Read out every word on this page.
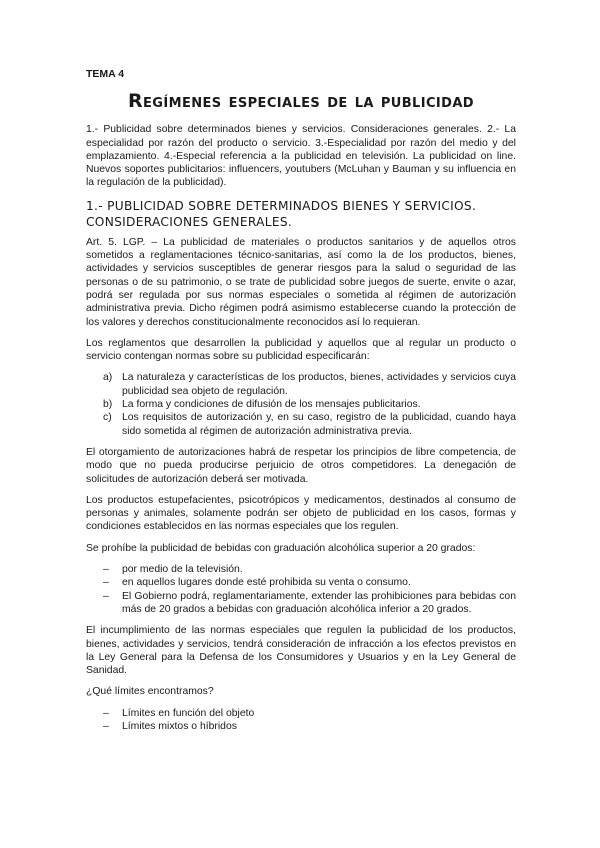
TEMA 4
Regímenes especiales de la publicidad

1.- Publicidad sobre determinados bienes y servicios. Consideraciones generales. 2.- La especialidad por razón del producto o servicio. 3.-Especialidad por razón del medio y del emplazamiento. 4.-Especial referencia a la publicidad en televisión. La publicidad on line. Nuevos soportes publicitarios: influencers, youtubers (McLuhan y Bauman y su influencia en la regulación de la publicidad).

1.- PUBLICIDAD SOBRE DETERMINADOS BIENES Y SERVICIOS. CONSIDERACIONES GENERALES.

Art. 5. LGP. – La publicidad de materiales o productos sanitarios y de aquellos otros sometidos a reglamentaciones técnico-sanitarias, así como la de los productos, bienes, actividades y servicios susceptibles de generar riesgos para la salud o seguridad de las personas o de su patrimonio, o se trate de publicidad sobre juegos de suerte, envite o azar, podrá ser regulada por sus normas especiales o sometida al régimen de autorización administrativa previa. Dicho régimen podrá asimismo establecerse cuando la protección de los valores y derechos constitucionalmente reconocidos así lo requieran.

Los reglamentos que desarrollen la publicidad y aquellos que al regular un producto o servicio contengan normas sobre su publicidad especificarán:

a) La naturaleza y características de los productos, bienes, actividades y servicios cuya publicidad sea objeto de regulación.
b) La forma y condiciones de difusión de los mensajes publicitarios.
c) Los requisitos de autorización y, en su caso, registro de la publicidad, cuando haya sido sometida al régimen de autorización administrativa previa.

El otorgamiento de autorizaciones habrá de respetar los principios de libre competencia, de modo que no pueda producirse perjuicio de otros competidores. La denegación de solicitudes de autorización deberá ser motivada.

Los productos estupefacientes, psicotrópicos y medicamentos, destinados al consumo de personas y animales, solamente podrán ser objeto de publicidad en los casos, formas y condiciones establecidos en las normas especiales que los regulen.

Se prohíbe la publicidad de bebidas con graduación alcohólica superior a 20 grados:

– por medio de la televisión.
– en aquellos lugares donde esté prohibida su venta o consumo.
– El Gobierno podrá, reglamentariamente, extender las prohibiciones para bebidas con más de 20 grados a bebidas con graduación alcohólica inferior a 20 grados.

El incumplimiento de las normas especiales que regulen la publicidad de los productos, bienes, actividades y servicios, tendrá consideración de infracción a los efectos previstos en la Ley General para la Defensa de los Consumidores y Usuarios y en la Ley General de Sanidad.

¿Qué límites encontramos?

– Límites en función del objeto
– Límites mixtos o híbridos
